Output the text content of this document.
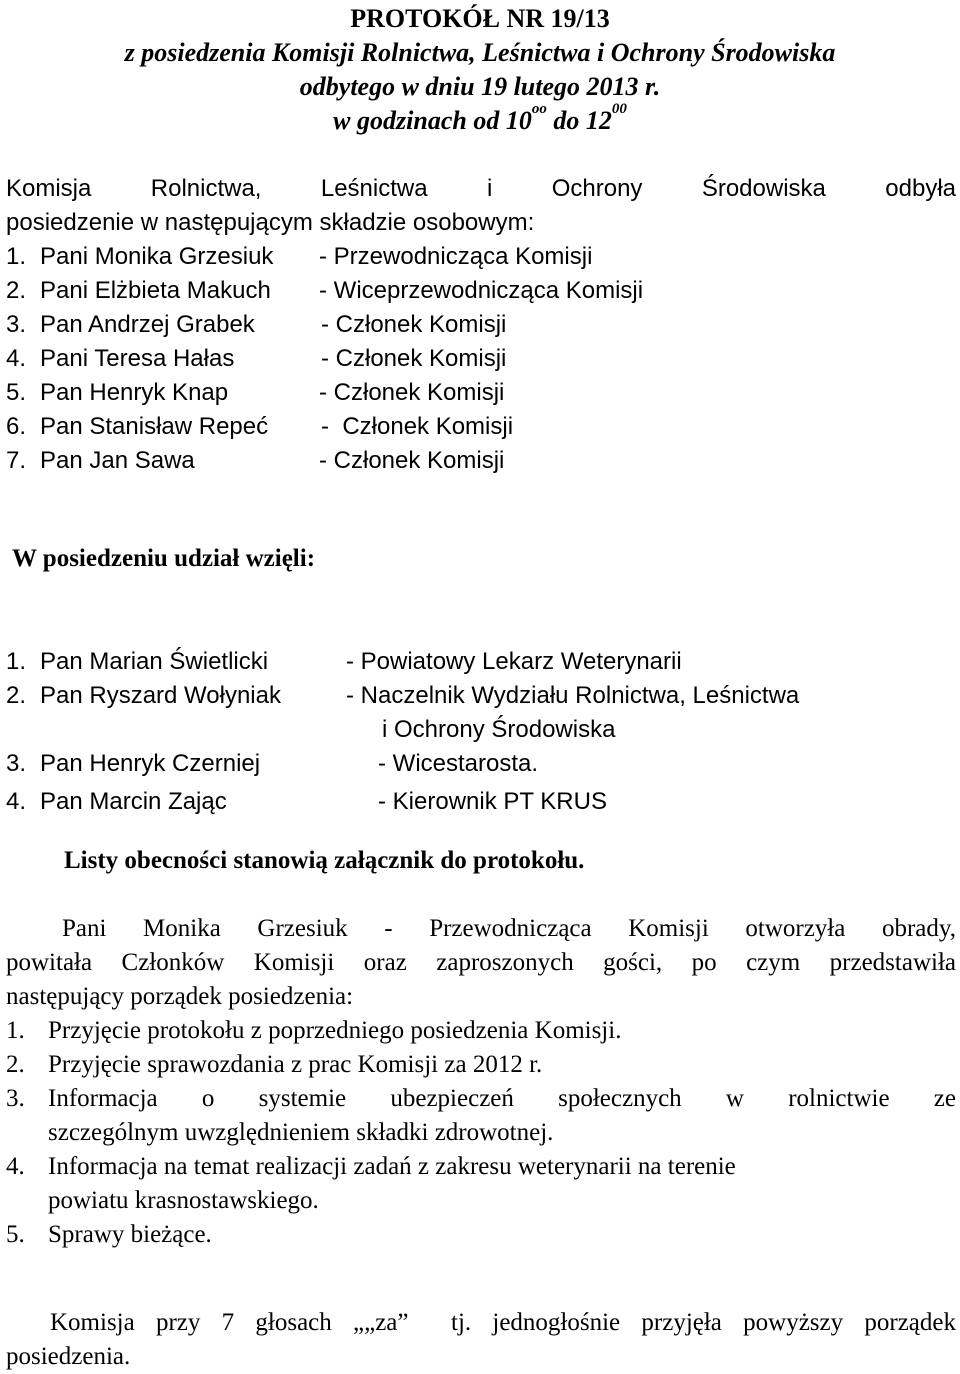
PROTOKÓŁ NR 19/13
z posiedzenia Komisji Rolnictwa, Leśnictwa i Ochrony Środowiska
odbytego w dniu 19 lutego 2013 r.
w godzinach od $10^{oo}$ do $12^{00}$
Komisja Rolnictwa, Leśnictwa i Ochrony Środowiska odbyła
posiedzenie w następującym składzie osobowym:
1. Pani Monika Grzesiuk - Przewodnicząca Komisji
2. Pani Elżbieta Makuch - Wiceprzewodnicząca Komisji
3. Pan Andrzej Grabek	- Członek Komisji
4. Pani Teresa Hałas	- Członek Komisji
5. Pan Henryk Knap	- Członek Komisji
6. Pan Stanisław Repeć -  Członek Komisji
7. Pan Jan Sawa	- Członek Komisji
W posiedzeniu udział wzięli:
1. Pan Marian Świetlicki	- Powiatowy Lekarz Weterynarii
2. Pan Ryszard Wołyniak	- Naczelnik Wydziału Rolnictwa, Leśnictwa
i Ochrony Środowiska
3. Pan Henryk Czerniej	- Wicestarosta.
4. Pan Marcin Zając	- Kierownik PT KRUS
Listy obecności stanowią załącznik do protokołu.
Pani Monika Grzesiuk - Przewodnicząca Komisji otworzyła obrady,
powitała Członków Komisji oraz zaproszonych gości, po czym przedstawiła
następujący porządek posiedzenia:
1. Przyjęcie protokołu z poprzedniego posiedzenia Komisji.
2. Przyjęcie sprawozdania z prac Komisji za 2012 r.
3. Informacja o systemie ubezpieczeń społecznych w rolnictwie ze
szczególnym uwzględnieniem składki zdrowotnej.
4. Informacja na temat realizacji zadań z zakresu weterynarii na terenie
powiatu krasnostawskiego.
5. Sprawy bieżące.
Komisja przy 7 głosach „„za”  tj. jednogłośnie przyjęła powyższy porządek
posiedzenia.
